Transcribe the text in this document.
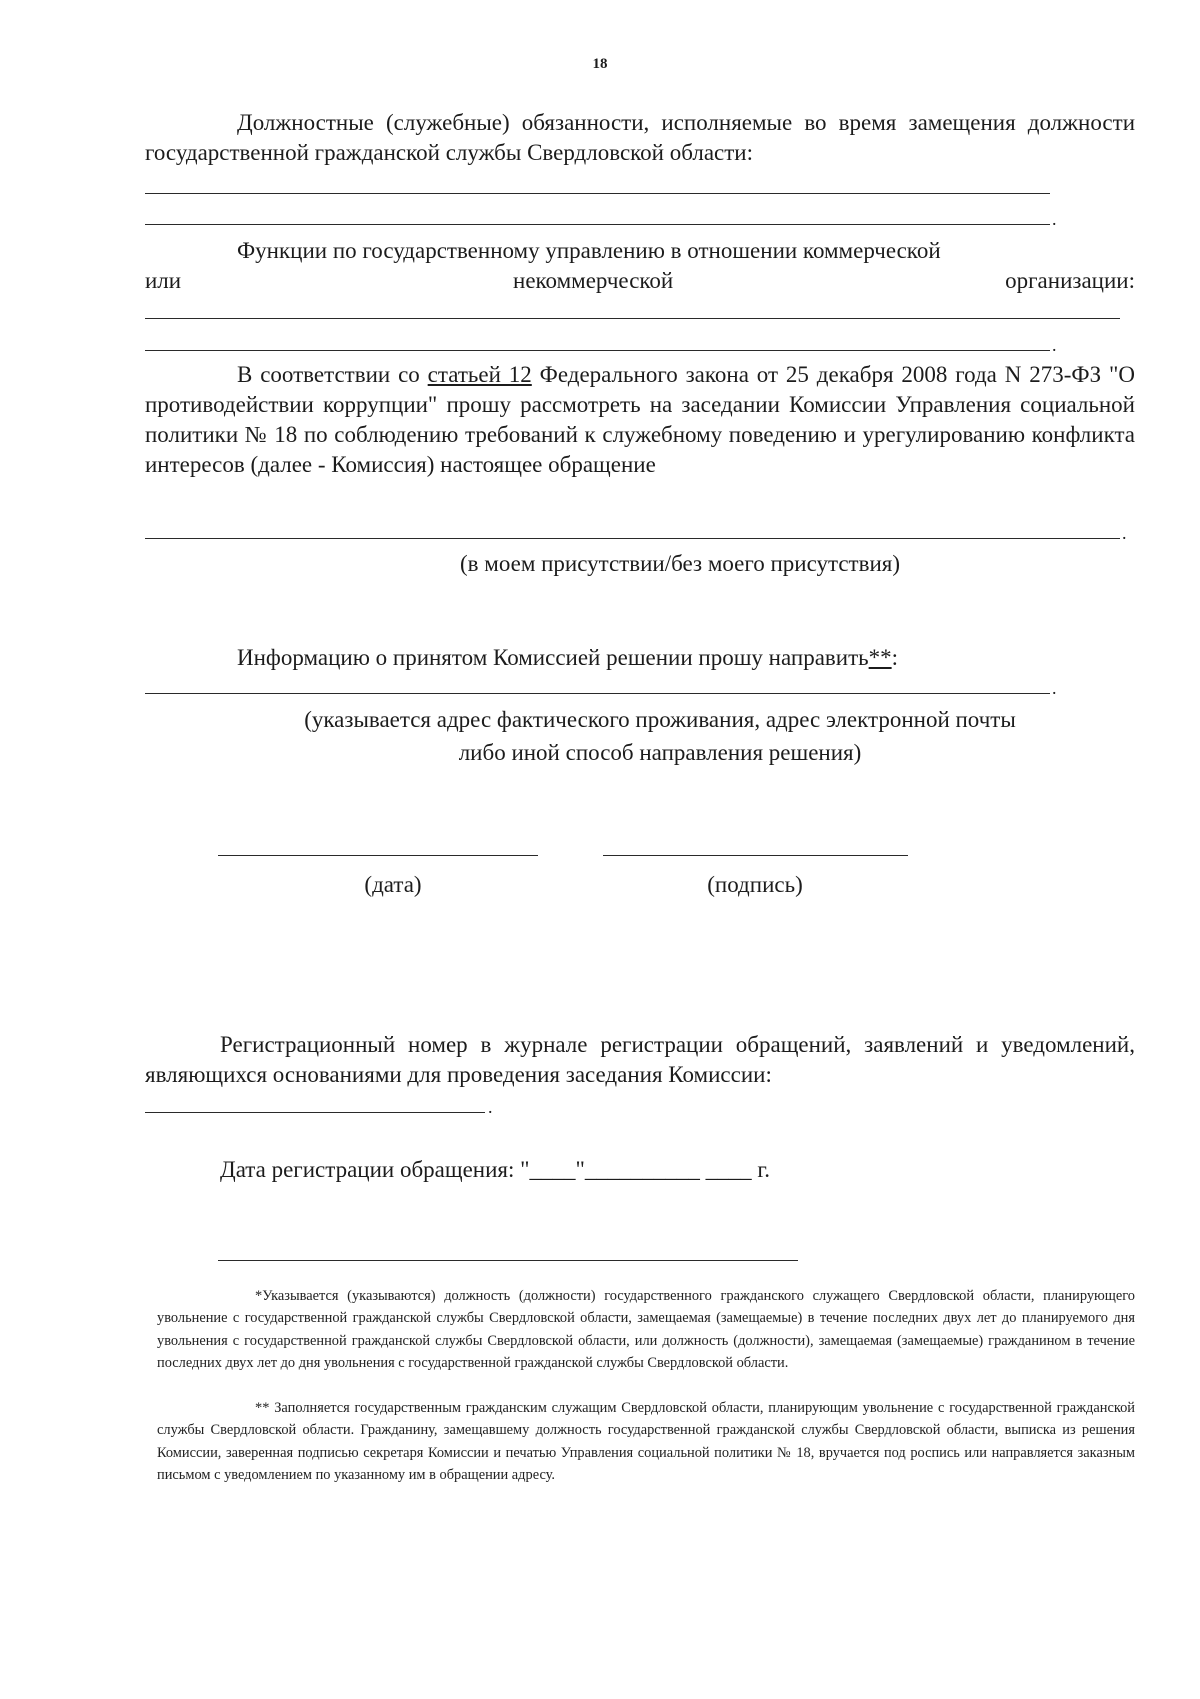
18
Должностные (служебные) обязанности, исполняемые во время замещения должности государственной гражданской службы Свердловской области:
.
Функции по государственному управлению в отношении коммерческой
или	некоммерческой	организации:
.
В соответствии со статьей 12 Федерального закона от 25 декабря 2008 года N 273-ФЗ "О противодействии коррупции" прошу рассмотреть на заседании Комиссии Управления социальной политики № 18 по соблюдению требований к служебному поведению и урегулированию конфликта интересов (далее - Комиссия) настоящее обращение
.
(в моем присутствии/без моего присутствия)
Информацию о принятом Комиссией решении прошу направить**:
.
(указывается адрес фактического проживания, адрес электронной почты
либо иной способ направления решения)
(дата)	(подпись)
Регистрационный номер в журнале регистрации обращений, заявлений и уведомлений, являющихся основаниями для проведения заседания Комиссии:
.
Дата регистрации обращения: "____"__________ ____ г.
*Указывается (указываются) должность (должности) государственного гражданского служащего Свердловской области, планирующего увольнение с государственной гражданской службы Свердловской области, замещаемая (замещаемые) в течение последних двух лет до планируемого дня увольнения с государственной гражданской службы Свердловской области, или должность (должности), замещаемая (замещаемые) гражданином в течение последних двух лет до дня увольнения с государственной гражданской службы Свердловской области.
** Заполняется государственным гражданским служащим Свердловской области, планирующим увольнение с государственной гражданской службы Свердловской области. Гражданину, замещавшему должность государственной гражданской службы Свердловской области, выписка из решения Комиссии, заверенная подписью секретаря Комиссии и печатью Управления социальной политики № 18, вручается под роспись или направляется заказным письмом с уведомлением по указанному им в обращении адресу.
